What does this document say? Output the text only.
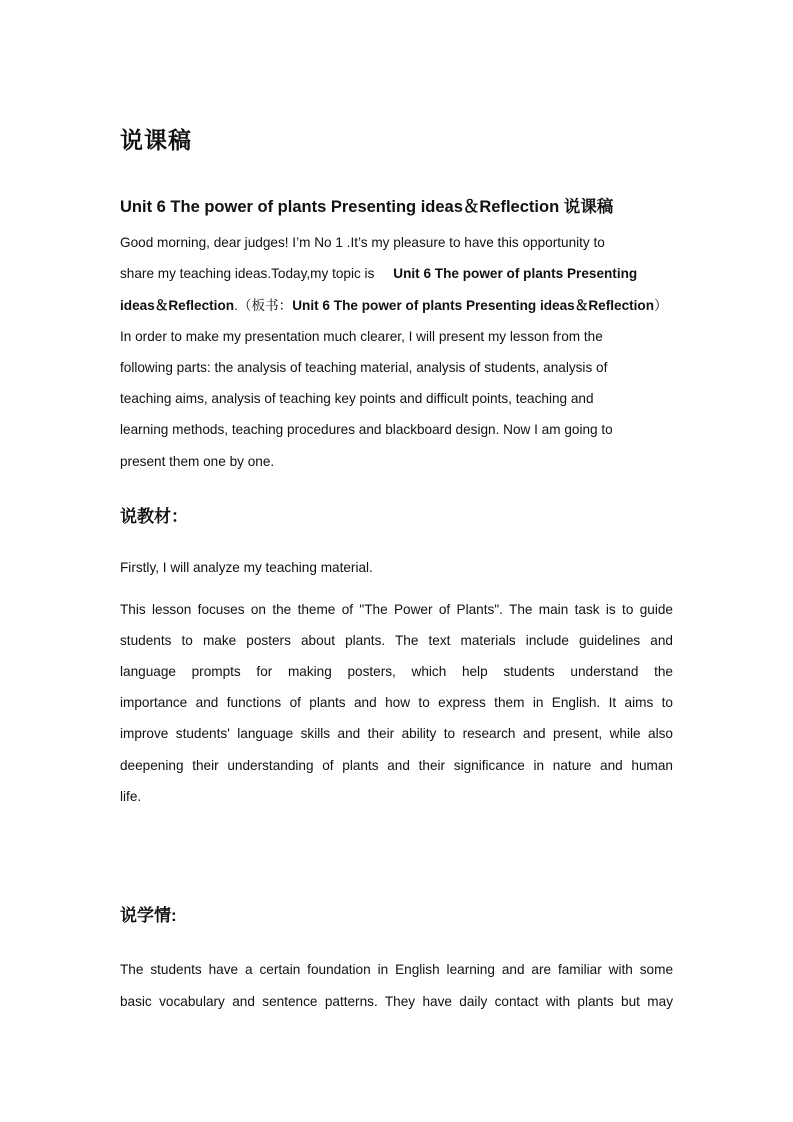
说课稿
Unit 6 The power of plants Presenting ideas＆Reflection 说课稿

Good morning, dear judges! I’m No 1 .It’s my pleasure to have this opportunity to

share my teaching ideas.Today,my topic is Unit 6 The power of plants Presenting

ideas＆Reflection.（板书：Unit 6 The power of plants Presenting ideas＆Reflection）

In order to make my presentation much clearer, I will present my lesson from the

following parts: the analysis of teaching material, analysis of students, analysis of

teaching aims, analysis of teaching key points and difficult points, teaching and

learning methods, teaching procedures and blackboard design. Now I am going to

present them one by one.

说教材：

Firstly, I will analyze my teaching material.

This lesson focuses on the theme of "The Power of Plants". The main task is to guide

students to make posters about plants. The text materials include guidelines and

language prompts for making posters, which help students understand the

importance and functions of plants and how to express them in English. It aims to

improve students' language skills and their ability to research and present, while also

deepening their understanding of plants and their significance in nature and human

life.

说学情:

The students have a certain foundation in English learning and are familiar with some

basic vocabulary and sentence patterns. They have daily contact with plants but may
